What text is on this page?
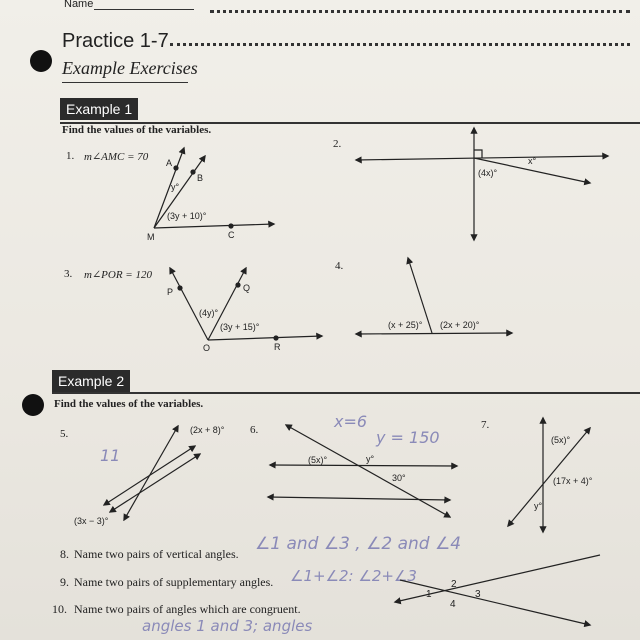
Name
Practice 1-7
Example Exercises
Example 1
Find the values of the variables.
1. m∠AMC = 70
2.
3. m∠POR = 120
4.
Example 2
Find the values of the variables.
5.	6.	7.
8. Name two pairs of vertical angles.
9. Name two pairs of supplementary angles.
10. Name two pairs of angles which are congruent.
11
x=6
y = 150
∠1 and ∠3 , ∠2 and ∠4
∠1+∠2: ∠2+∠3
angles 1 and 3; angles
A
B
M	C
y°
(3y + 10)°
x°
(4x)°
P	Q
O	R
(4y)°
(3y + 15)°	(x + 25)° (2x + 20)°
(2x + 8)°
(3x − 3)°
(5x)°	y°
30°
(5x)°
(17x + 4)°
y°
1
2
3
4
